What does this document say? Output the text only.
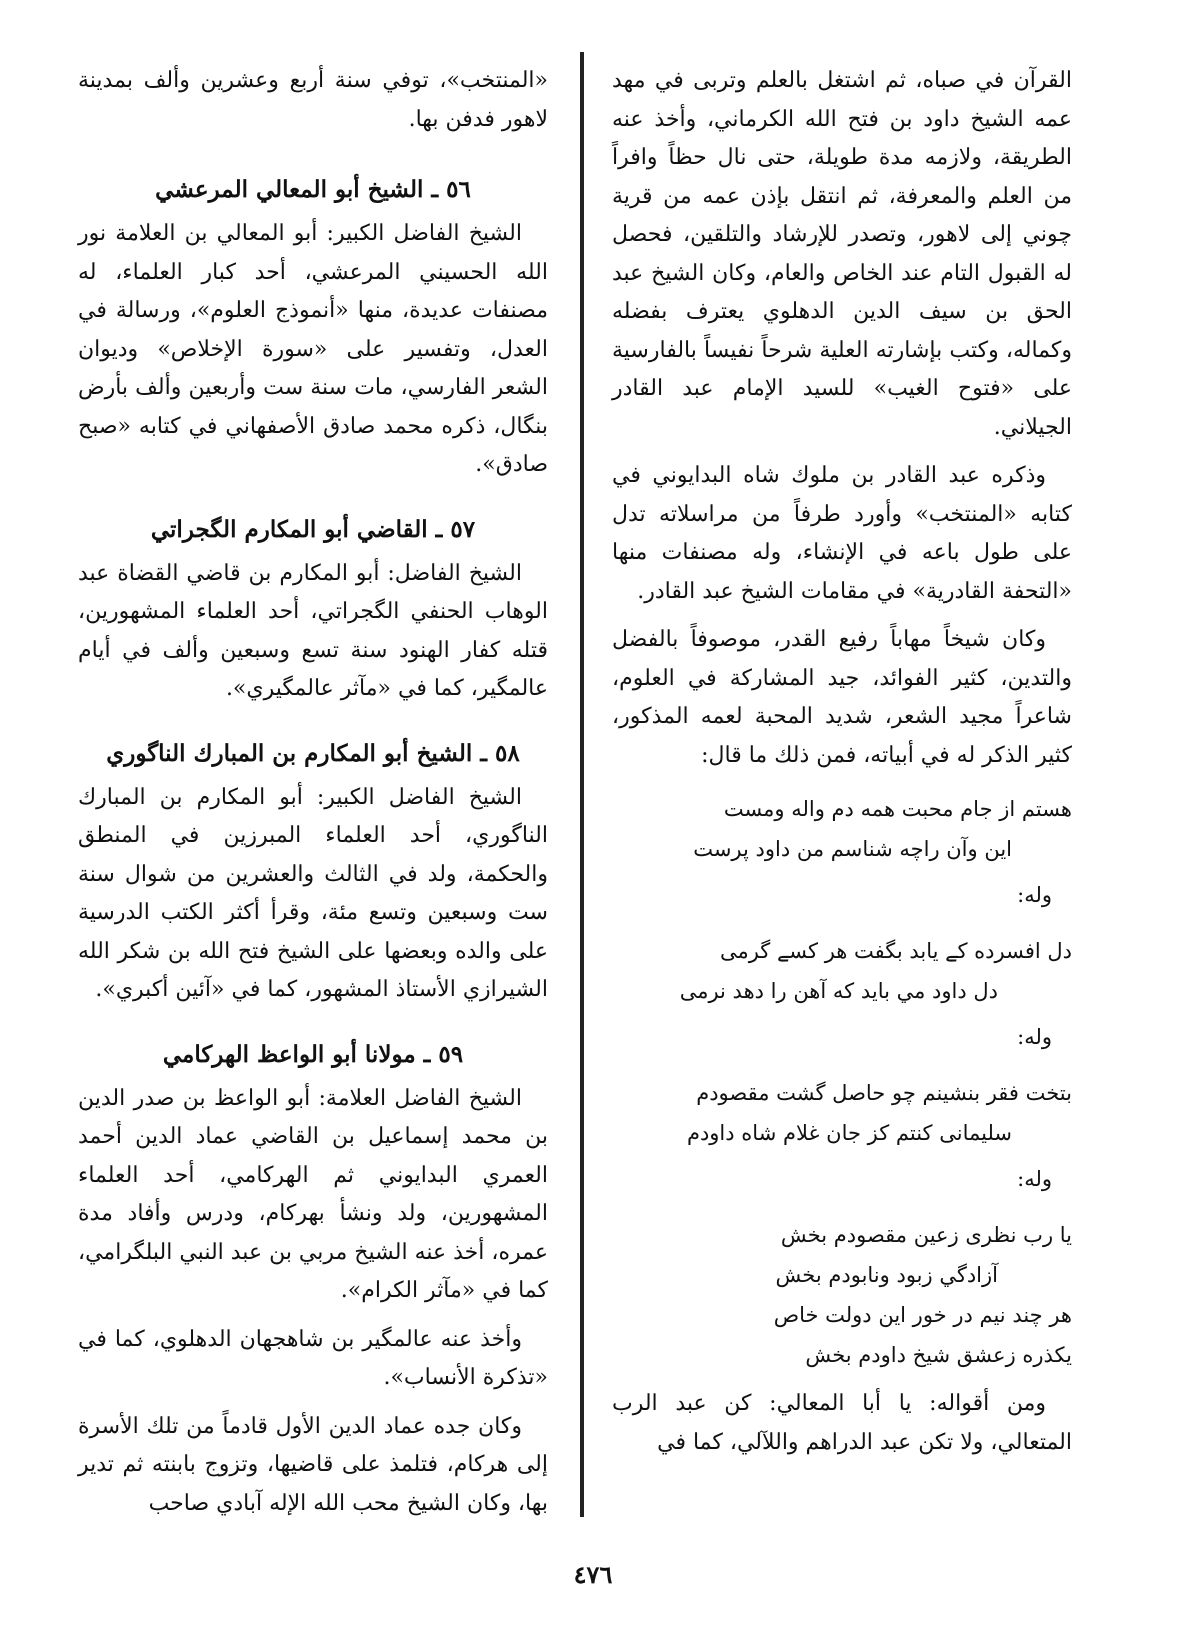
القرآن في صباه، ثم اشتغل بالعلم وتربى في مهد عمه الشيخ داود بن فتح الله الكرماني، وأخذ عنه الطريقة، ولازمه مدة طويلة، حتى نال حظاً وافراً من العلم والمعرفة، ثم انتقل بإذن عمه من قرية چوني إلى لاهور، وتصدر للإرشاد والتلقين، فحصل له القبول التام عند الخاص والعام، وكان الشيخ عبد الحق بن سيف الدين الدهلوي يعترف بفضله وكماله، وكتب بإشارته العلية شرحاً نفيساً بالفارسية على «فتوح الغيب» للسيد الإمام عبد القادر الجيلاني.

وذكره عبد القادر بن ملوك شاه البدايوني في كتابه «المنتخب» وأورد طرفاً من مراسلاته تدل على طول باعه في الإنشاء، وله مصنفات منها «التحفة القادرية» في مقامات الشيخ عبد القادر.

وكان شيخاً مهاباً رفيع القدر، موصوفاً بالفضل والتدين، كثير الفوائد، جيد المشاركة في العلوم، شاعراً مجيد الشعر، شديد المحبة لعمه المذكور، كثير الذكر له في أبياته، فمن ذلك ما قال:

هستم از جام محبت همه دم واله ومست
اين وآن راچه شناسم من داود پرست
وله:
دل افسرده كے يابد بگفت هر كسے گرمى
دل داود مي بايد كه آهن را دهد نرمى
وله:
بتخت فقر بنشينم چو حاصل گشت مقصودم
سليمانى كنتم كز جان غلام شاه داودم
وله:
يا رب نظرى زعين مقصودم بخش
آزادگي زبود ونابودم بخش
هر چند نيم در خور اين دولت خاص
يكذره زعشق شيخ داودم بخش

ومن أقواله: يا أبا المعالي: كن عبد الرب المتعالي، ولا تكن عبد الدراهم واللآلي، كما في

«المنتخب»، توفي سنة أربع وعشرين وألف بمدينة لاهور فدفن بها.

٥٦ ـ الشيخ أبو المعالي المرعشي

الشيخ الفاضل الكبير: أبو المعالي بن العلامة نور الله الحسيني المرعشي، أحد كبار العلماء، له مصنفات عديدة، منها «أنموذج العلوم»، ورسالة في العدل، وتفسير على «سورة الإخلاص» وديوان الشعر الفارسي، مات سنة ست وأربعين وألف بأرض بنگال، ذكره محمد صادق الأصفهاني في كتابه «صبح صادق».

٥٧ ـ القاضي أبو المكارم الگجراتي

الشيخ الفاضل: أبو المكارم بن قاضي القضاة عبد الوهاب الحنفي الگجراتي، أحد العلماء المشهورين، قتله كفار الهنود سنة تسع وسبعين وألف في أيام عالمگير، كما في «مآثر عالمگيري».

٥٨ ـ الشيخ أبو المكارم بن المبارك الناگوري

الشيخ الفاضل الكبير: أبو المكارم بن المبارك الناگوري، أحد العلماء المبرزين في المنطق والحكمة، ولد في الثالث والعشرين من شوال سنة ست وسبعين وتسع مئة، وقرأ أكثر الكتب الدرسية على والده وبعضها على الشيخ فتح الله بن شكر الله الشيرازي الأستاذ المشهور، كما في «آئين أكبري».

٥٩ ـ مولانا أبو الواعظ الهركامي

الشيخ الفاضل العلامة: أبو الواعظ بن صدر الدين بن محمد إسماعيل بن القاضي عماد الدين أحمد العمري البدايوني ثم الهركامي، أحد العلماء المشهورين، ولد ونشأ بهركام، ودرس وأفاد مدة عمره، أخذ عنه الشيخ مربي بن عبد النبي البلگرامي، كما في «مآثر الكرام».

وأخذ عنه عالمگير بن شاهجهان الدهلوي، كما في «تذكرة الأنساب».

وكان جده عماد الدين الأول قادماً من تلك الأسرة إلى هركام، فتلمذ على قاضيها، وتزوج بابنته ثم تدير بها، وكان الشيخ محب الله الإله آبادي صاحب

٤٧٦
